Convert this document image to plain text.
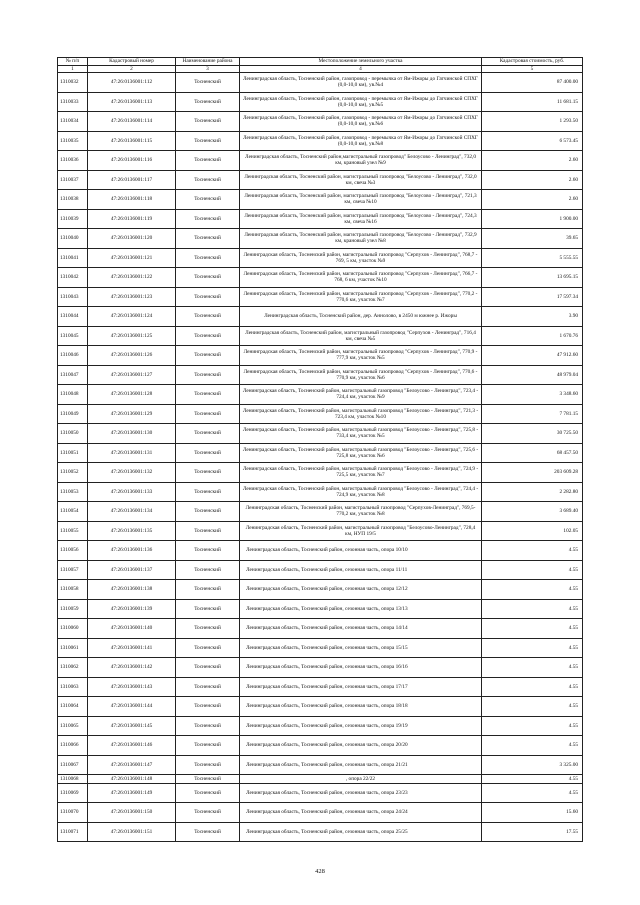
№ п/п	Кадастровый номер	Наименование района	Местоположение земельного участка	Кадастровая стоимость, руб.
1	2	3	4	5
1310032	47:26:0136001:112	Тосненский	Ленинградская область, Тосненский район, газопровод - перемычка от Ям-Ижоры до Гатчинской СПХГ (0,0-10,0 км), ув.№4	87 400.00
1310033	47:26:0136001:113	Тосненский	Ленинградская область, Тосненский район, газопровод - перемычка от Ям-Ижоры до Гатчинской СПХГ (0,0-10,0 км), ув.№5	11 681.15
1310034	47:26:0136001:114	Тосненский	Ленинградская область, Тосненский район, газопровод - перемычка от Ям-Ижоры до Гатчинской СПХГ (0,0-10,0 км), ув.№6	1 293.50
1310035	47:26:0136001:115	Тосненский	Ленинградская область, Тосненский район, газопровод - перемычка от Ям-Ижоры до Гатчинской СПХГ (0,0-10,0 км), ув.№8	6 573.45
1310036	47:26:0136001:116	Тосненский	Ленинградская область, Тосненский район,магистральный газопровод" Белоусово - Ленинград", 732,0 км, крановый узел №9	2.60
1310037	47:26:0136001:117	Тосненский	Ленинградская область, Тосненский район, магистральный газопровод "Белоусово - Ленинград", 732,0 км, свеча №3	2.60
1310038	47:26:0136001:118	Тосненский	Ленинградская область, Тосненский район, магистральный газопровод "Белоусово - Ленинград", 721,3 км, свеча №10	2.60
1310039	47:26:0136001:119	Тосненский	Ленинградская область, Тосненский район, магистральный газопровод "Белоусово - Ленинград", 724,3 км, свеча №16	1 900.00
1310040	47:26:0136001:120	Тосненский	Ленинградская область, Тосненский район, магистральный газопровод "Белоусово - Ленинград", 732,9 км, крановый узел №8	39.65
1310041	47:26:0136001:121	Тосненский	Ленинградская область, Тосненский район, магистральный газопровод "Серпухов - Ленинград", 768,7 - 769, 5 км, участок №9	5 555.55
1310042	47:26:0136001:122	Тосненский	Ленинградская область, Тосненский район, магистральный газопровод "Серпухов - Ленинград", 766,7 - 768, 6 км, участок №10	13 695.15
1310043	47:26:0136001:123	Тосненский	Ленинградская область, Тосненский район, магистральный газопровод "Серпухов - Ленинград", 770,2 - 770,6 км, участок №7	17 597.34
1310044	47:26:0136001:124	Тосненский	Ленинградская область, Тосненский район, дер. Аннолово, в 2450 м южнее р. Ижоры	3.90
1310045	47:26:0136001:125	Тосненский	Ленинградская область, Тосненский район, магистральный газопровод "Серпухов - Ленинград", 716,4 км, свеча №5	1 670.76
1310046	47:26:0136001:126	Тосненский	Ленинградская область, Тосненский район, магистральный газопровод "Серпухов - Ленинград", 770,9 - 777,9 км, участок №5	47 912.60
1310047	47:26:0136001:127	Тосненский	Ленинградская область, Тосненский район, магистральный газопровод "Серпухов - Ленинград", 770,6 - 770,9 км, участок №6	48 979.04
1310048	47:26:0136001:128	Тосненский	Ленинградская область, Тосненский район, магистральный газопровод "Белоусово - Ленинград", 723,4 - 724,4 км, участок №9	3 348.60
1310049	47:26:0136001:129	Тосненский	Ленинградская область, Тосненский район, магистральный газопровод "Белоусово - Ленинград", 721,3 - 723,4 км, участок №10	7 781.15
1310050	47:26:0136001:130	Тосненский	Ленинградская область, Тосненский район, магистральный газопровод "Белоусово - Ленинград", 725,8 - 733,4 км, участок №5	30 725.50
1310051	47:26:0136001:131	Тосненский	Ленинградская область, Тосненский район, магистральный газопровод "Белоусово - Ленинград", 725,6 - 725,8 км, участок №6	68 457.50
1310052	47:26:0136001:132	Тосненский	Ленинградская область, Тосненский район, магистральный газопровод "Белоусово - Ленинград", 724,9 - 725,5 км, участок №7	203 609.28
1310053	47:26:0136001:133	Тосненский	Ленинградская область, Тосненский район, магистральный газопровод "Белоусово - Ленинград", 724,4 - 724,9 км, участок №8	2 282.80
1310054	47:26:0136001:134	Тосненский	Ленинградская область, Тосненский район, магистральный газопровод "Серпухов-Ленинград", 769,5-770,2 км, участок №8	3 689.40
1310055	47:26:0136001:135	Тосненский	Ленинградская область, Тосненский район, магистральный газопровод "Белоусово-Ленинград", 728,4 км, НУП 19/5	102.05
1310056	47:26:0136001:136	Тосненский	Ленинградская область, Тосненский район, сезонная часть, опора 10/10	4.55
1310057	47:26:0136001:137	Тосненский	Ленинградская область, Тосненский район, сезонная часть, опора 11/11	4.55
1310058	47:26:0136001:138	Тосненский	Ленинградская область, Тосненский район, сезонная часть, опора 12/12	4.55
1310059	47:26:0136001:139	Тосненский	Ленинградская область, Тосненский район, сезонная часть, опора 13/13	4.55
1310060	47:26:0136001:140	Тосненский	Ленинградская область, Тосненский район, сезонная часть, опора 14/14	4.55
1310061	47:26:0136001:141	Тосненский	Ленинградская область, Тосненский район, сезонная часть, опора 15/15	4.55
1310062	47:26:0136001:142	Тосненский	Ленинградская область, Тосненский район, сезонная часть, опора 16/16	4.55
1310063	47:26:0136001:143	Тосненский	Ленинградская область, Тосненский район, сезонная часть, опора 17/17	4.55
1310064	47:26:0136001:144	Тосненский	Ленинградская область, Тосненский район, сезонная часть, опора 18/18	4.55
1310065	47:26:0136001:145	Тосненский	Ленинградская область, Тосненский район, сезонная часть, опора 19/19	4.55
1310066	47:26:0136001:146	Тосненский	Ленинградская область, Тосненский район, сезонная часть, опора 20/20	4.55
1310067	47:26:0136001:147	Тосненский	Ленинградская область, Тосненский район, сезонная часть, опора 21/21	3 325.00
1310068	47:26:0136001:148	Тосненский	, опора 22/22	4.55
1310069	47:26:0136001:149	Тосненский	Ленинградская область, Тосненский район, сезонная часть, опора 23/23	4.55
1310070	47:26:0136001:150	Тосненский	Ленинградская область, Тосненский район, сезонная часть, опора 24/24	15.60
1310071	47:26:0136001:151	Тосненский	Ленинградская область, Тосненский район, сезонная часть, опора 25/25	17.55
428
